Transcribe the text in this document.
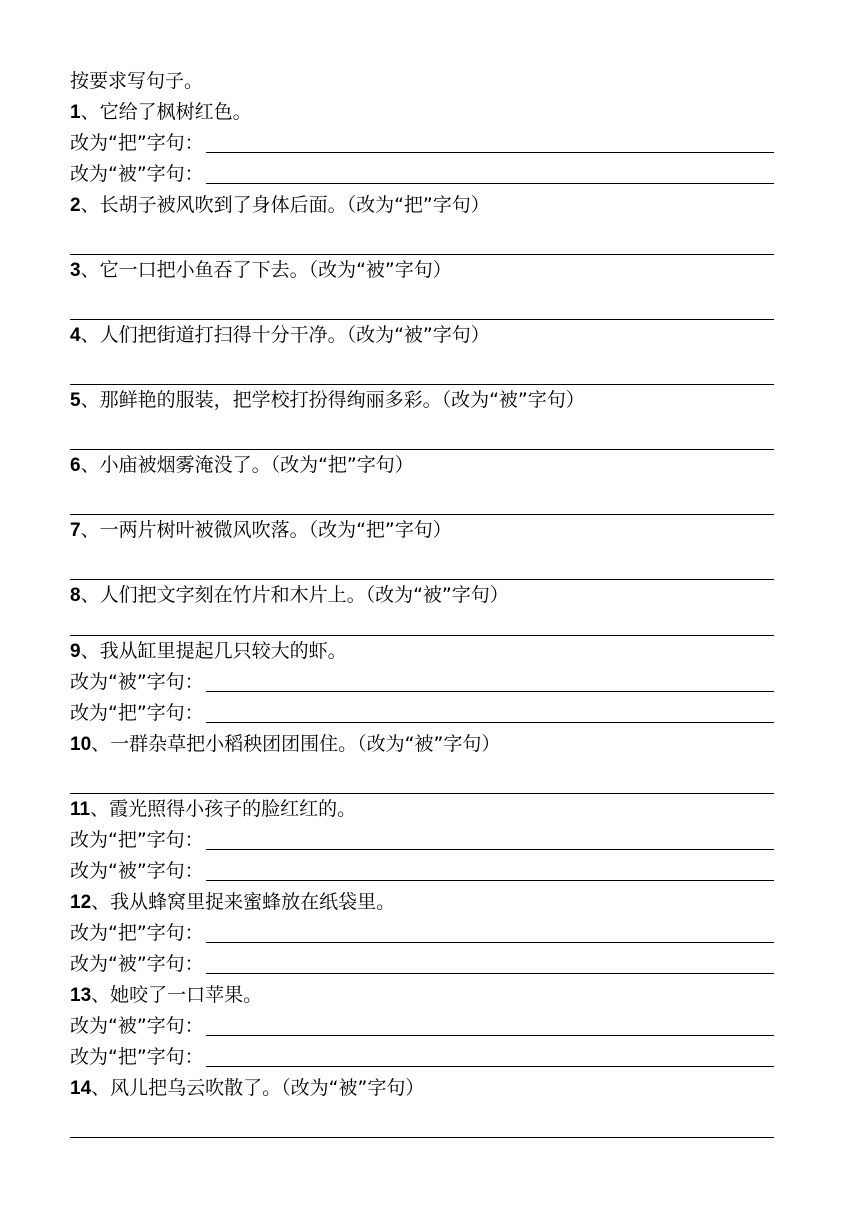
按要求写句子。
1 、它给了枫树红色。
改为“把”字句：
改为“被”字句：
2 、长胡子被风吹到了身体后面。（改为“把”字句）
3 、它一口把小鱼吞了下去。（改为“被”字句）
4 、人们把街道打扫得十分干净。（改为“被”字句）
5 、那鲜艳的服装，把学校打扮得绚丽多彩。（改为“被”字句）
6 、小庙被烟雾淹没了。（改为“把”字句）
7 、一两片树叶被微风吹落。（改为“把”字句）
8 、人们把文字刻在竹片和木片上。（改为“被”字句）
9 、我从缸里提起几只较大的虾。
改为“被”字句：
改为“把”字句：
10 、一群杂草把小稻秧团团围住。（改为“被”字句）
11 、霞光照得小孩子的脸红红的。
改为“把”字句：
改为“被”字句：
12 、我从蜂窝里捉来蜜蜂放在纸袋里。
改为“把”字句：
改为“被”字句：
13 、她咬了一口苹果。
改为“被”字句：
改为“把”字句：
14 、风儿把乌云吹散了。（改为“被”字句）
